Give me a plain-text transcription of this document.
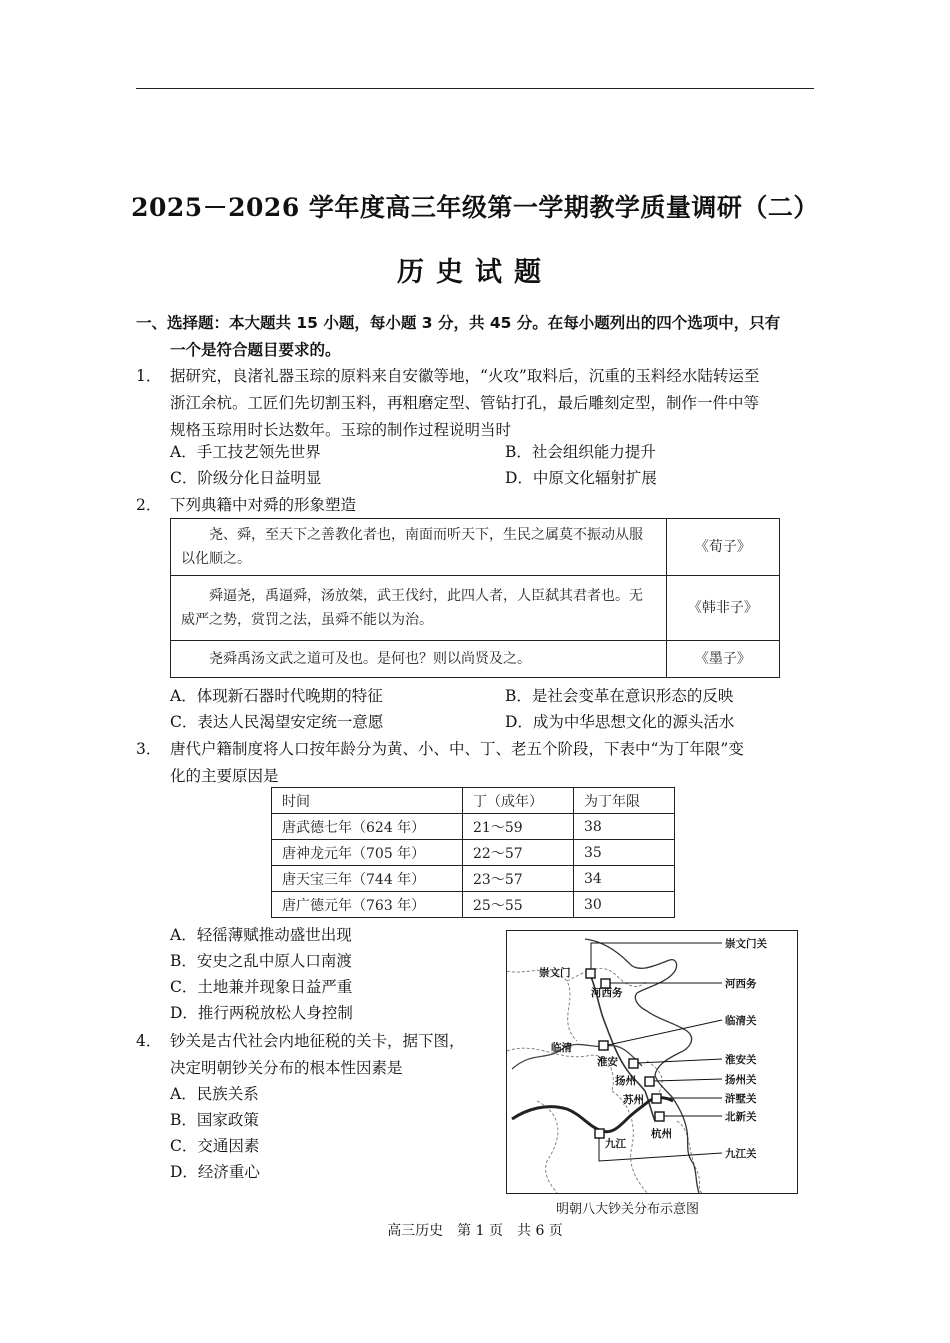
2025－2026 学年度高三年级第一学期教学质量调研（二）
历史试题
一、选择题：本大题共 15 小题，每小题 3 分，共 45 分。在每小题列出的四个选项中，只有
一个是符合题目要求的。
1． 据研究，良渚礼器玉琮的原料来自安徽等地，“火攻”取料后，沉重的玉料经水陆转运至
浙江余杭。工匠们先切割玉料，再粗磨定型、管钻打孔，最后雕刻定型，制作一件中等
规格玉琮用时长达数年。玉琮的制作过程说明当时
A．手工技艺领先世界	B．社会组织能力提升
C．阶级分化日益明显	D．中原文化辐射扩展
2． 下列典籍中对舜的形象塑造
　　尧、舜，至天下之善教化者也，南面而听天下，生民之属莫不振动从服以化顺之。	《荀子》
　　舜逼尧，禹逼舜，汤放桀，武王伐纣，此四人者，人臣弑其君者也。无威严之势，赏罚之法，虽舜不能以为治。	《韩非子》
　　尧舜禹汤文武之道可及也。是何也？则以尚贤及之。	《墨子》
A．体现新石器时代晚期的特征	B．是社会变革在意识形态的反映
C．表达人民渴望安定统一意愿	D．成为中华思想文化的源头活水
3． 唐代户籍制度将人口按年龄分为黄、小、中、丁、老五个阶段，下表中“为丁年限”变
化的主要原因是
时间	丁（成年）	为丁年限
唐武德七年（624 年）	21～59	38
唐神龙元年（705 年）	22～57	35
唐天宝三年（744 年）	23～57	34
唐广德元年（763 年）	25～55	30
A．轻徭薄赋推动盛世出现
B．安史之乱中原人口南渡
C．土地兼并现象日益严重
D．推行两税放松人身控制
4． 钞关是古代社会内地征税的关卡，据下图，
决定明朝钞关分布的根本性因素是
A．民族关系
B．国家政策
C．交通因素
D．经济重心
崇文门
河西务
临清
淮安
扬州
苏州
杭州
九江
崇文门关
河西务
临清关
淮安关
扬州关
浒墅关
北新关
九江关
明朝八大钞关分布示意图
高三历史　第 1 页　共 6 页
